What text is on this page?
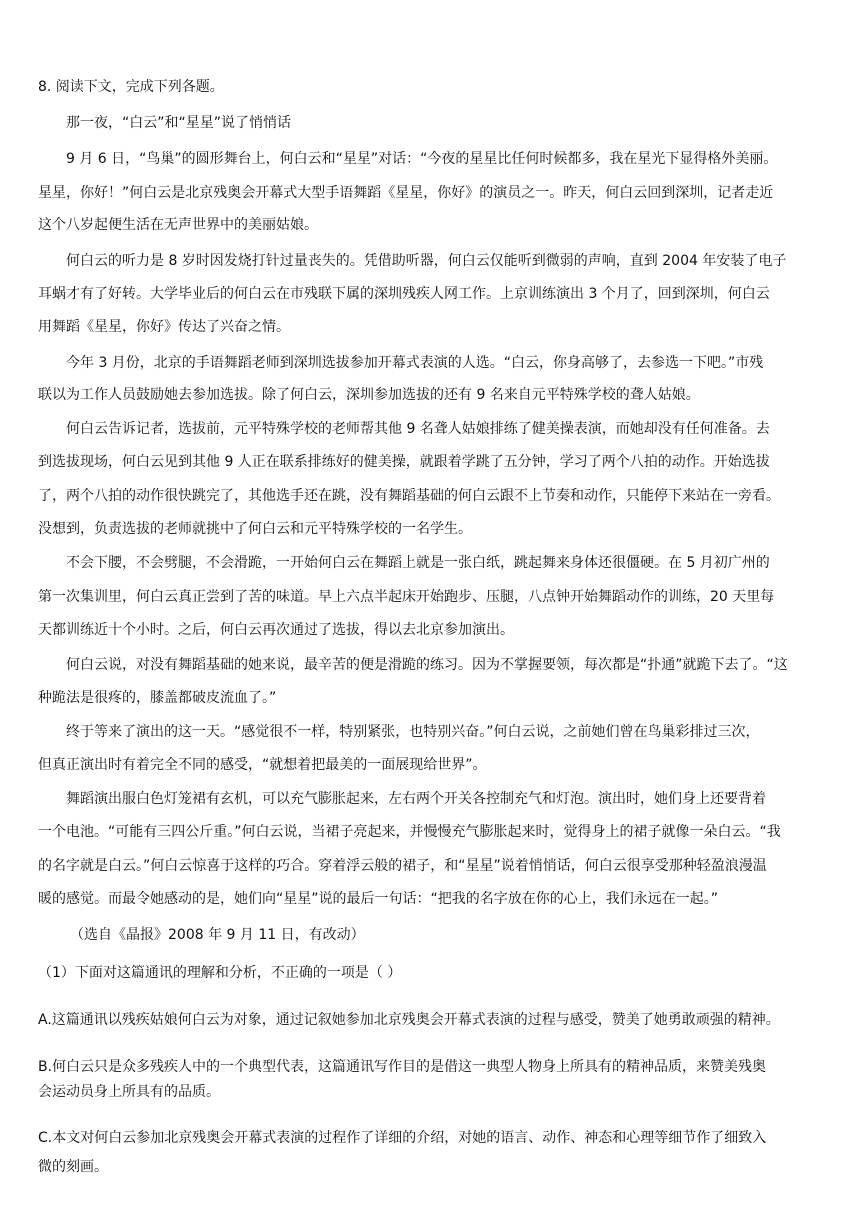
8. 阅读下文，完成下列各题。
那一夜，“白云”和“星星”说了悄悄话
9 月 6 日，“鸟巢”的圆形舞台上，何白云和“星星”对话：“今夜的星星比任何时候都多，我在星光下显得格外美丽。
星星，你好！”何白云是北京残奥会开幕式大型手语舞蹈《星星，你好》的演员之一。昨天，何白云回到深圳，记者走近
这个八岁起便生活在无声世界中的美丽姑娘。
何白云的听力是 8 岁时因发烧打针过量丧失的。凭借助听器，何白云仅能听到微弱的声响，直到 2004 年安装了电子
耳蜗才有了好转。大学毕业后的何白云在市残联下属的深圳残疾人网工作。上京训练演出 3 个月了，回到深圳，何白云
用舞蹈《星星，你好》传达了兴奋之情。
今年 3 月份，北京的手语舞蹈老师到深圳选拔参加开幕式表演的人选。“白云，你身高够了，去参选一下吧。”市残
联以为工作人员鼓励她去参加选拔。除了何白云，深圳参加选拔的还有 9 名来自元平特殊学校的聋人姑娘。
何白云告诉记者，选拔前，元平特殊学校的老师帮其他 9 名聋人姑娘排练了健美操表演，而她却没有任何准备。去
到选拔现场，何白云见到其他 9 人正在联系排练好的健美操，就跟着学跳了五分钟，学习了两个八拍的动作。开始选拔
了，两个八拍的动作很快跳完了，其他选手还在跳，没有舞蹈基础的何白云跟不上节奏和动作，只能停下来站在一旁看。
没想到，负责选拔的老师就挑中了何白云和元平特殊学校的一名学生。
不会下腰，不会劈腿，不会滑跪，一开始何白云在舞蹈上就是一张白纸，跳起舞来身体还很僵硬。在 5 月初广州的
第一次集训里，何白云真正尝到了苦的味道。早上六点半起床开始跑步、压腿，八点钟开始舞蹈动作的训练，20 天里每
天都训练近十个小时。之后，何白云再次通过了选拔，得以去北京参加演出。
何白云说，对没有舞蹈基础的她来说，最辛苦的便是滑跪的练习。因为不掌握要领，每次都是“扑通”就跪下去了。“这
种跪法是很疼的，膝盖都破皮流血了。”
终于等来了演出的这一天。“感觉很不一样，特别紧张，也特别兴奋。”何白云说，之前她们曾在鸟巢彩排过三次，
但真正演出时有着完全不同的感受，“就想着把最美的一面展现给世界”。
舞蹈演出服白色灯笼裙有玄机，可以充气膨胀起来，左右两个开关各控制充气和灯泡。演出时，她们身上还要背着
一个电池。“可能有三四公斤重。”何白云说，当裙子亮起来，并慢慢充气膨胀起来时，觉得身上的裙子就像一朵白云。“我
的名字就是白云。”何白云惊喜于这样的巧合。穿着浮云般的裙子，和“星星”说着悄悄话，何白云很享受那种轻盈浪漫温
暖的感觉。而最令她感动的是，她们向“星星”说的最后一句话：“把我的名字放在你的心上，我们永远在一起。”
（选自《晶报》2008 年 9 月 11 日，有改动）
（1）下面对这篇通讯的理解和分析，不正确的一项是（ ）
A.这篇通讯以残疾姑娘何白云为对象，通过记叙她参加北京残奥会开幕式表演的过程与感受，赞美了她勇敢顽强的精神。
B.何白云只是众多残疾人中的一个典型代表，这篇通讯写作目的是借这一典型人物身上所具有的精神品质，来赞美残奥
会运动员身上所具有的品质。
C.本文对何白云参加北京残奥会开幕式表演的过程作了详细的介绍，对她的语言、动作、神态和心理等细节作了细致入
微的刻画。
